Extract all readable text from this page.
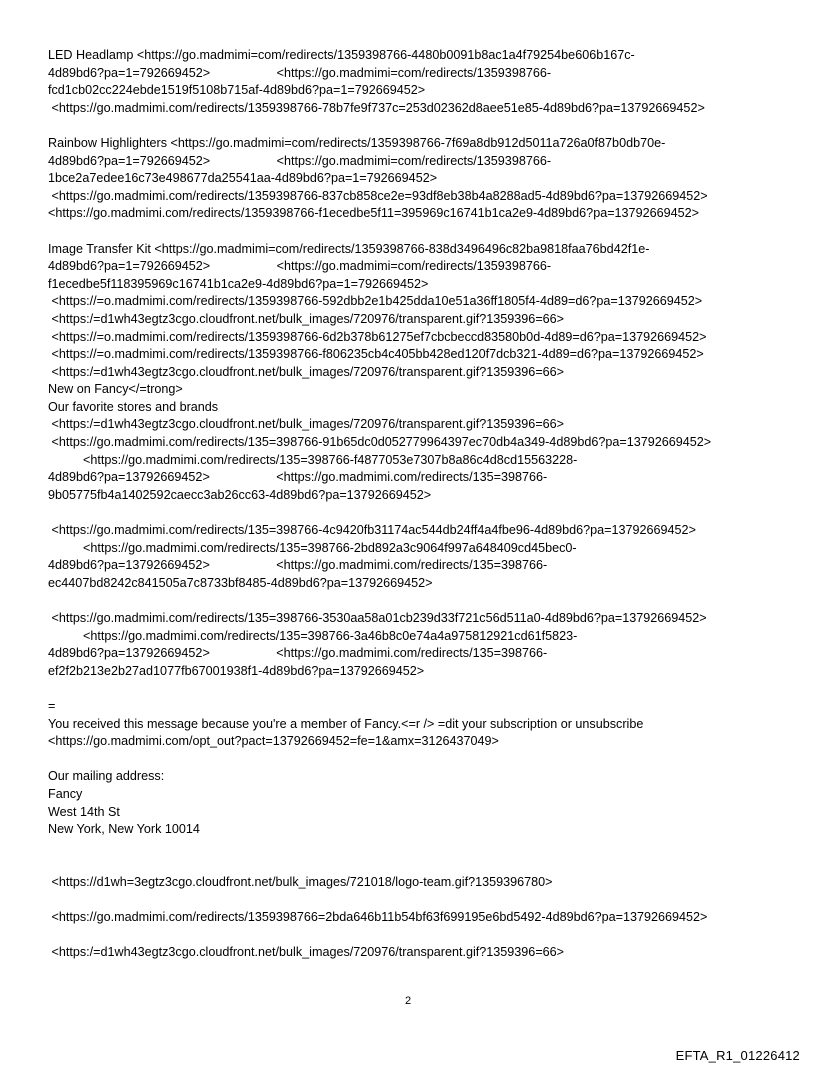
LED Headlamp <https://go.madmimi=com/redirects/1359398766-4480b0091b8ac1a4f79254be606b167c-
4d89bd6?pa=1=792669452>                   <https://go.madmimi=com/redirects/1359398766-
fcd1cb02cc224ebde1519f5108b715af-4d89bd6?pa=1=792669452>
<https://go.madmimi.com/redirects/1359398766-78b7fe9f737c=253d02362d8aee51e85-4d89bd6?pa=13792669452>
Rainbow Highlighters <https://go.madmimi=com/redirects/1359398766-7f69a8db912d5011a726a0f87b0db70e-
4d89bd6?pa=1=792669452>                   <https://go.madmimi=com/redirects/1359398766-
1bce2a7edee16c73e498677da25541aa-4d89bd6?pa=1=792669452>
<https://go.madmimi.com/redirects/1359398766-837cb858ce2e=93df8eb38b4a8288ad5-4d89bd6?pa=13792669452>
<https://go.madmimi.com/redirects/1359398766-f1ecedbe5f11=395969c16741b1ca2e9-4d89bd6?pa=13792669452>
Image Transfer Kit <https://go.madmimi=com/redirects/1359398766-838d3496496c82ba9818faa76bd42f1e-
4d89bd6?pa=1=792669452>                   <https://go.madmimi=com/redirects/1359398766-
f1ecedbe5f118395969c16741b1ca2e9-4d89bd6?pa=1=792669452>
<https://=o.madmimi.com/redirects/1359398766-592dbb2e1b425dda10e51a36ff1805f4-4d89=d6?pa=13792669452>
<https:/=d1wh43egtz3cgo.cloudfront.net/bulk_images/720976/transparent.gif?1359396=66>
<https://=o.madmimi.com/redirects/1359398766-6d2b378b61275ef7cbcbeccd83580b0d-4d89=d6?pa=13792669452>
<https://=o.madmimi.com/redirects/1359398766-f806235cb4c405bb428ed120f7dcb321-4d89=d6?pa=13792669452>
<https:/=d1wh43egtz3cgo.cloudfront.net/bulk_images/720976/transparent.gif?1359396=66>
New on Fancy</=trong>
Our favorite stores and brands
<https:/=d1wh43egtz3cgo.cloudfront.net/bulk_images/720976/transparent.gif?1359396=66>
<https://go.madmimi.com/redirects/135=398766-91b65dc0d052779964397ec70db4a349-4d89bd6?pa=13792669452>
<https://go.madmimi.com/redirects/135=398766-f4877053e7307b8a86c4d8cd15563228-
4d89bd6?pa=13792669452>                   <https://go.madmimi.com/redirects/135=398766-
9b05775fb4a1402592caecc3ab26cc63-4d89bd6?pa=13792669452>
<https://go.madmimi.com/redirects/135=398766-4c9420fb31174ac544db24ff4a4fbe96-4d89bd6?pa=13792669452>
<https://go.madmimi.com/redirects/135=398766-2bd892a3c9064f997a648409cd45bec0-
4d89bd6?pa=13792669452>                   <https://go.madmimi.com/redirects/135=398766-
ec4407bd8242c841505a7c8733bf8485-4d89bd6?pa=13792669452>
<https://go.madmimi.com/redirects/135=398766-3530aa58a01cb239d33f721c56d511a0-4d89bd6?pa=13792669452>
<https://go.madmimi.com/redirects/135=398766-3a46b8c0e74a4a975812921cd61f5823-
4d89bd6?pa=13792669452>                   <https://go.madmimi.com/redirects/135=398766-
ef2f2b213e2b27ad1077fb67001938f1-4d89bd6?pa=13792669452>
=
You received this message because you're a member of Fancy.<=r /> =dit your subscription or unsubscribe
<https://go.madmimi.com/opt_out?pact=13792669452=fe=1&amx=3126437049>
Our mailing address:
Fancy
West 14th St
New York, New York 10014
<https://d1wh=3egtz3cgo.cloudfront.net/bulk_images/721018/logo-team.gif?1359396780>
<https://go.madmimi.com/redirects/1359398766=2bda646b11b54bf63f699195e6bd5492-4d89bd6?pa=13792669452>
<https:/=d1wh43egtz3cgo.cloudfront.net/bulk_images/720976/transparent.gif?1359396=66>
2
EFTA_R1_01226412
